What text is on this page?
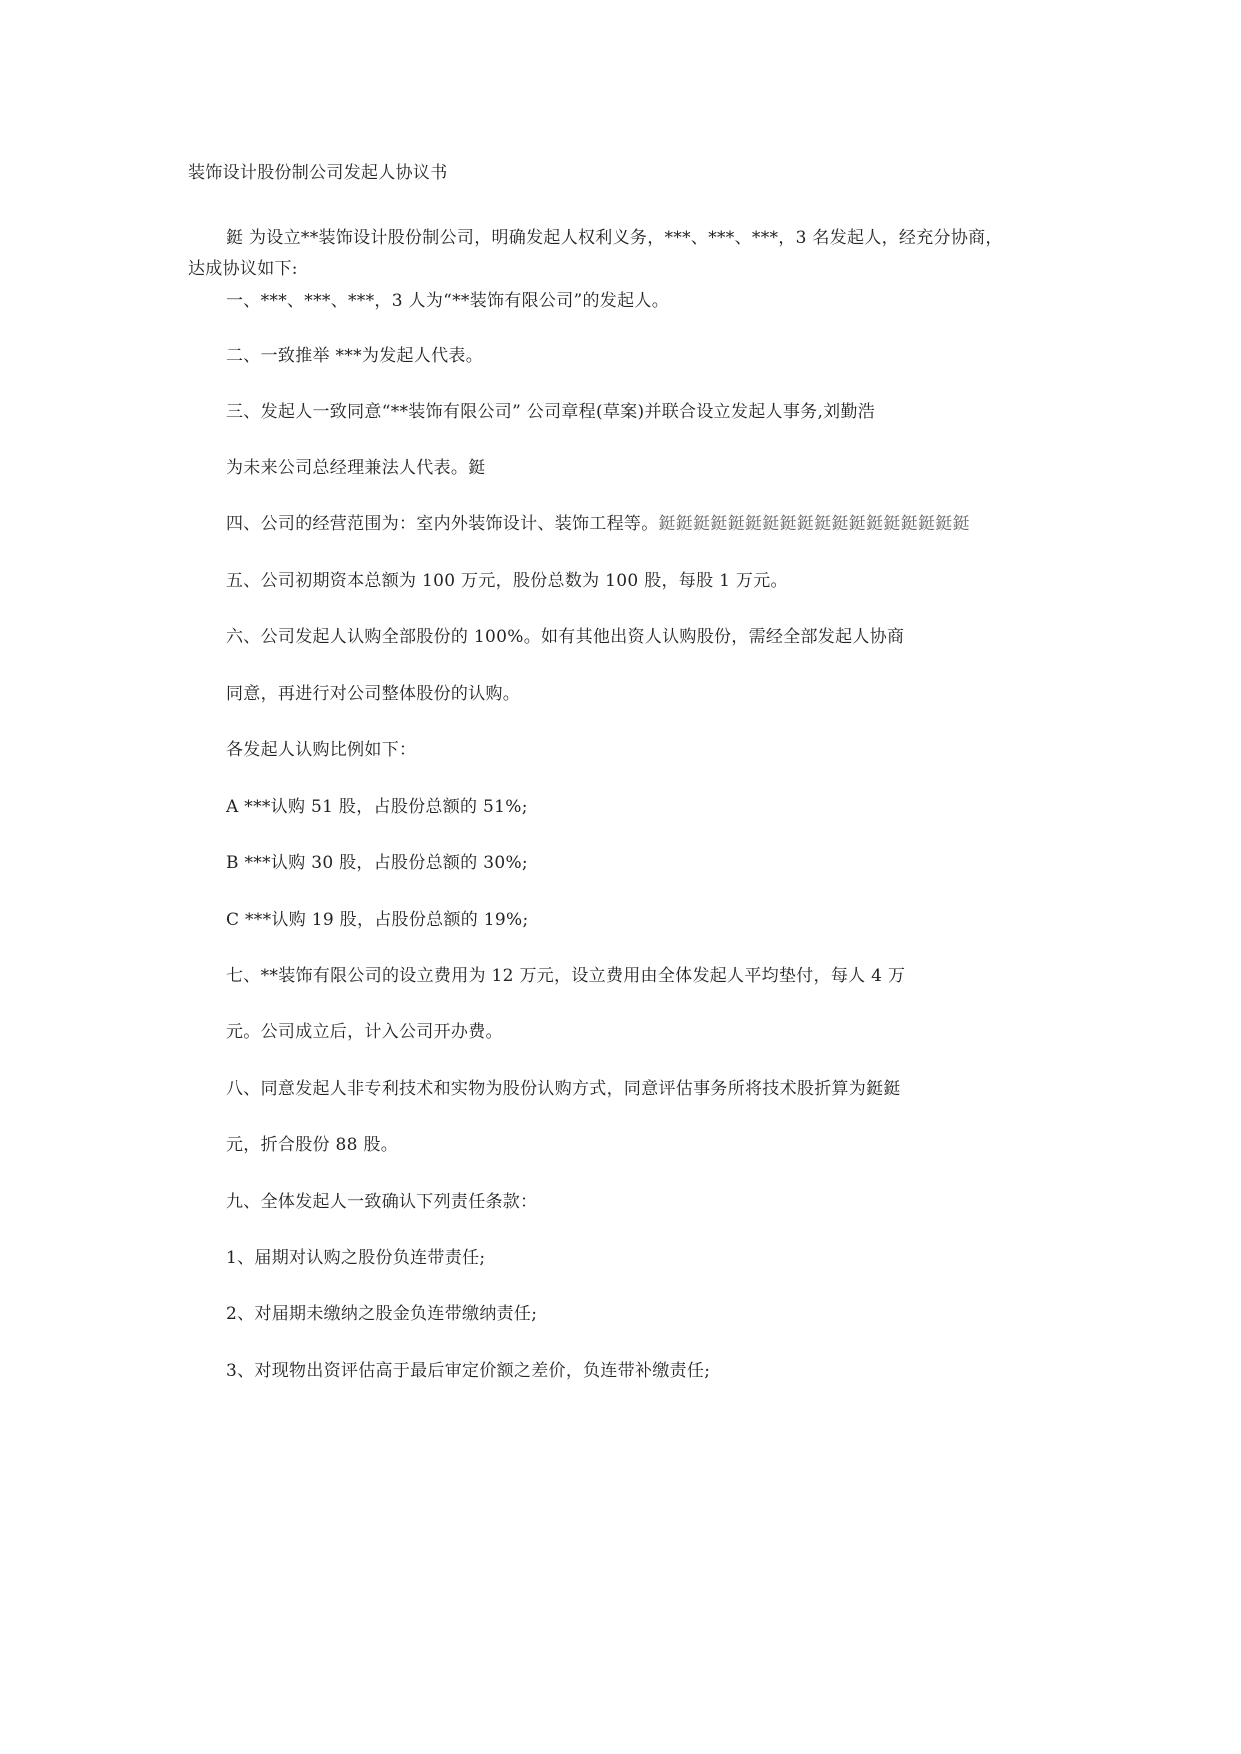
装饰设计股份制公司发起人协议书
鋌 为设立**装饰设计股份制公司，明确发起人权利义务，***、***、***，3 名发起人，经充分协商，
达成协议如下:
一、***、***、***，3 人为“**装饰有限公司”的发起人。
二、一致推举 ***为发起人代表。
三、发起人一致同意“**装饰有限公司” 公司章程(草案)并联合设立发起人事务,刘勤浩
为未来公司总经理兼法人代表。鋌
四、公司的经营范围为：室内外装饰设计、装饰工程等。鋌鋌鋌鋌鋌鋌鋌鋌鋌鋌鋌鋌鋌鋌鋌鋌鋌鋌
五、公司初期资本总额为 100 万元，股份总数为 100 股，每股 1 万元。
六、公司发起人认购全部股份的 100%。如有其他出资人认购股份，需经全部发起人协商
同意，再进行对公司整体股份的认购。
各发起人认购比例如下：
A ***认购 51 股，占股份总额的 51%;
B ***认购 30 股，占股份总额的 30%;
C ***认购 19 股，占股份总额的 19%;
七、**装饰有限公司的设立费用为 12 万元，设立费用由全体发起人平均垫付，每人 4 万
元。公司成立后，计入公司开办费。
八、同意发起人非专利技术和实物为股份认购方式，同意评估事务所将技术股折算为鋌鋌
元，折合股份 88 股。
九、全体发起人一致确认下列责任条款：
1、届期对认购之股份负连带责任;
2、对届期未缴纳之股金负连带缴纳责任;
3、对现物出资评估高于最后审定价额之差价，负连带补缴责任;
